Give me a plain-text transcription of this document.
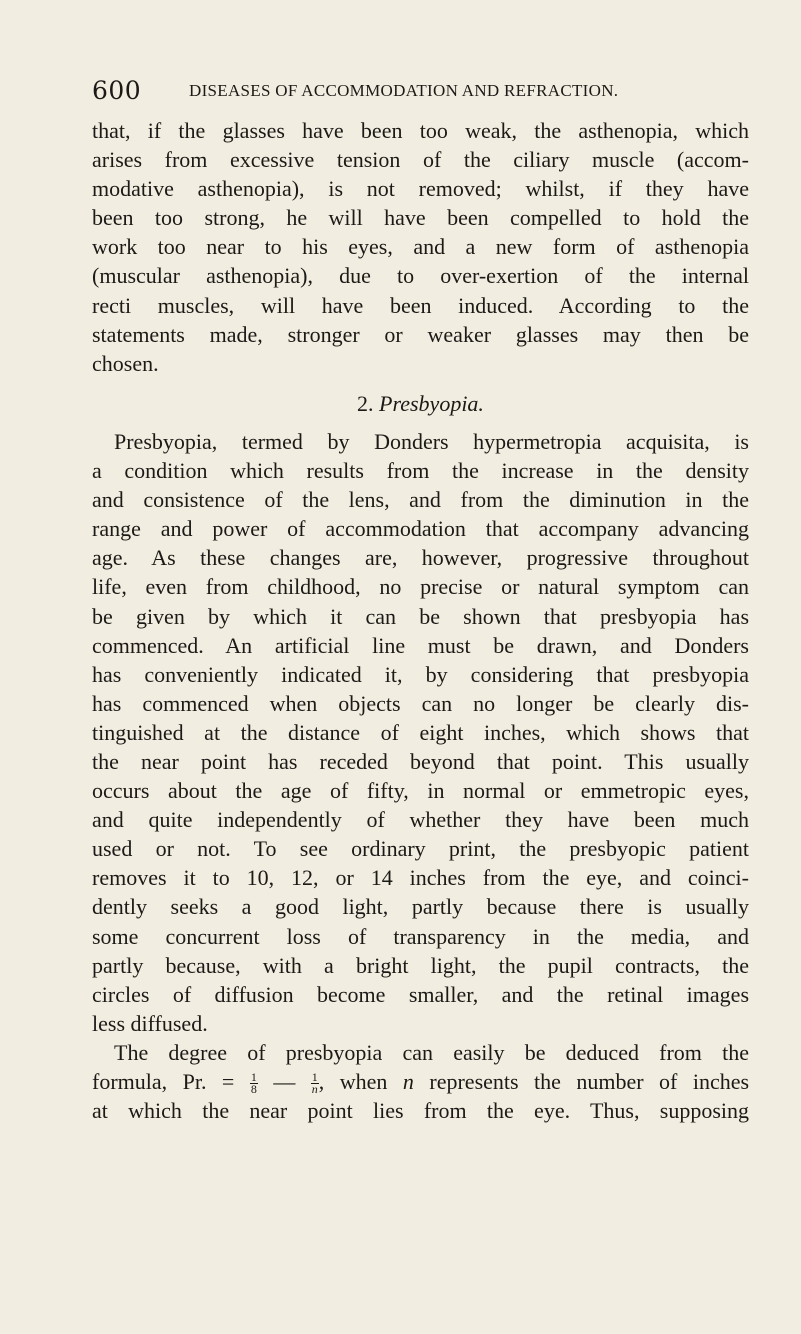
600	DISEASES OF ACCOMMODATION AND REFRACTION.
that, if the glasses have been too weak, the asthenopia, which
arises from excessive tension of the ciliary muscle (accom-
modative asthenopia), is not removed; whilst, if they have
been too strong, he will have been compelled to hold the
work too near to his eyes, and a new form of asthenopia
(muscular asthenopia), due to over-exertion of the internal
recti muscles, will have been induced. According to the
statements made, stronger or weaker glasses may then be
chosen.

2. Presbyopia.

Presbyopia, termed by Donders hypermetropia acquisita, is
a condition which results from the increase in the density
and consistence of the lens, and from the diminution in the
range and power of accommodation that accompany advancing
age. As these changes are, however, progressive throughout
life, even from childhood, no precise or natural symptom can
be given by which it can be shown that presbyopia has
commenced. An artificial line must be drawn, and Donders
has conveniently indicated it, by considering that presbyopia
has commenced when objects can no longer be clearly dis-
tinguished at the distance of eight inches, which shows that
the near point has receded beyond that point. This usually
occurs about the age of fifty, in normal or emmetropic eyes,
and quite independently of whether they have been much
used or not. To see ordinary print, the presbyopic patient
removes it to 10, 12, or 14 inches from the eye, and coinci-
dently seeks a good light, partly because there is usually
some concurrent loss of transparency in the media, and
partly because, with a bright light, the pupil contracts, the
circles of diffusion become smaller, and the retinal images
less diffused.
The degree of presbyopia can easily be deduced from the
formula, Pr. = $\frac{1}{8}$ — $\frac{1}{n}$ , when n represents the number of inches
at which the near point lies from the eye. Thus, supposing
